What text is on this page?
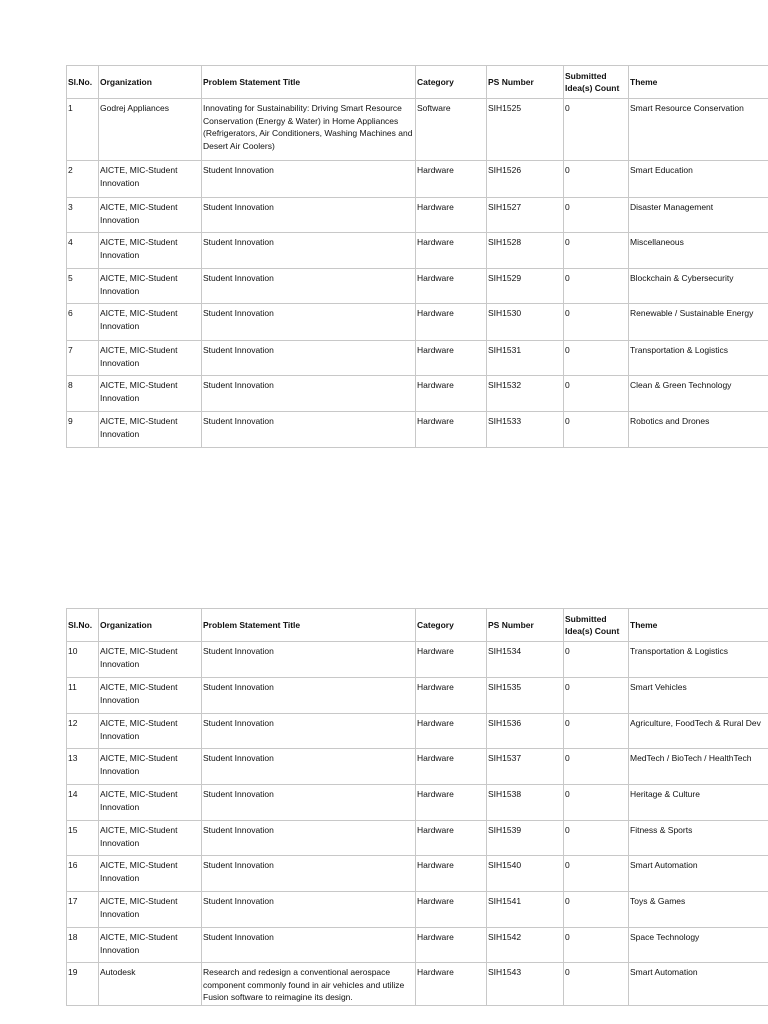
Sl.No.	Organization	Problem Statement Title	Category	PS Number	Submitted Idea(s) Count	Theme
1	Godrej Appliances	Innovating for Sustainability: Driving Smart Resource Conservation (Energy & Water) in Home Appliances (Refrigerators, Air Conditioners, Washing Machines and Desert Air Coolers)	Software	SIH1525	0	Smart Resource Conservation
2	AICTE, MIC-Student Innovation	Student Innovation	Hardware	SIH1526	0	Smart Education
3	AICTE, MIC-Student Innovation	Student Innovation	Hardware	SIH1527	0	Disaster Management
4	AICTE, MIC-Student Innovation	Student Innovation	Hardware	SIH1528	0	Miscellaneous
5	AICTE, MIC-Student Innovation	Student Innovation	Hardware	SIH1529	0	Blockchain & Cybersecurity
6	AICTE, MIC-Student Innovation	Student Innovation	Hardware	SIH1530	0	Renewable / Sustainable Energy
7	AICTE, MIC-Student Innovation	Student Innovation	Hardware	SIH1531	0	Transportation & Logistics
8	AICTE, MIC-Student Innovation	Student Innovation	Hardware	SIH1532	0	Clean & Green Technology
9	AICTE, MIC-Student Innovation	Student Innovation	Hardware	SIH1533	0	Robotics and Drones
Sl.No.	Organization	Problem Statement Title	Category	PS Number	Submitted Idea(s) Count	Theme
10	AICTE, MIC-Student Innovation	Student Innovation	Hardware	SIH1534	0	Transportation & Logistics
11	AICTE, MIC-Student Innovation	Student Innovation	Hardware	SIH1535	0	Smart Vehicles
12	AICTE, MIC-Student Innovation	Student Innovation	Hardware	SIH1536	0	Agriculture, FoodTech & Rural Dev
13	AICTE, MIC-Student Innovation	Student Innovation	Hardware	SIH1537	0	MedTech / BioTech / HealthTech
14	AICTE, MIC-Student Innovation	Student Innovation	Hardware	SIH1538	0	Heritage & Culture
15	AICTE, MIC-Student Innovation	Student Innovation	Hardware	SIH1539	0	Fitness & Sports
16	AICTE, MIC-Student Innovation	Student Innovation	Hardware	SIH1540	0	Smart Automation
17	AICTE, MIC-Student Innovation	Student Innovation	Hardware	SIH1541	0	Toys & Games
18	AICTE, MIC-Student Innovation	Student Innovation	Hardware	SIH1542	0	Space Technology
19	Autodesk	Research and redesign a conventional aerospace component commonly found in air vehicles and utilize Fusion software to reimagine its design.	Hardware	SIH1543	0	Smart Automation
